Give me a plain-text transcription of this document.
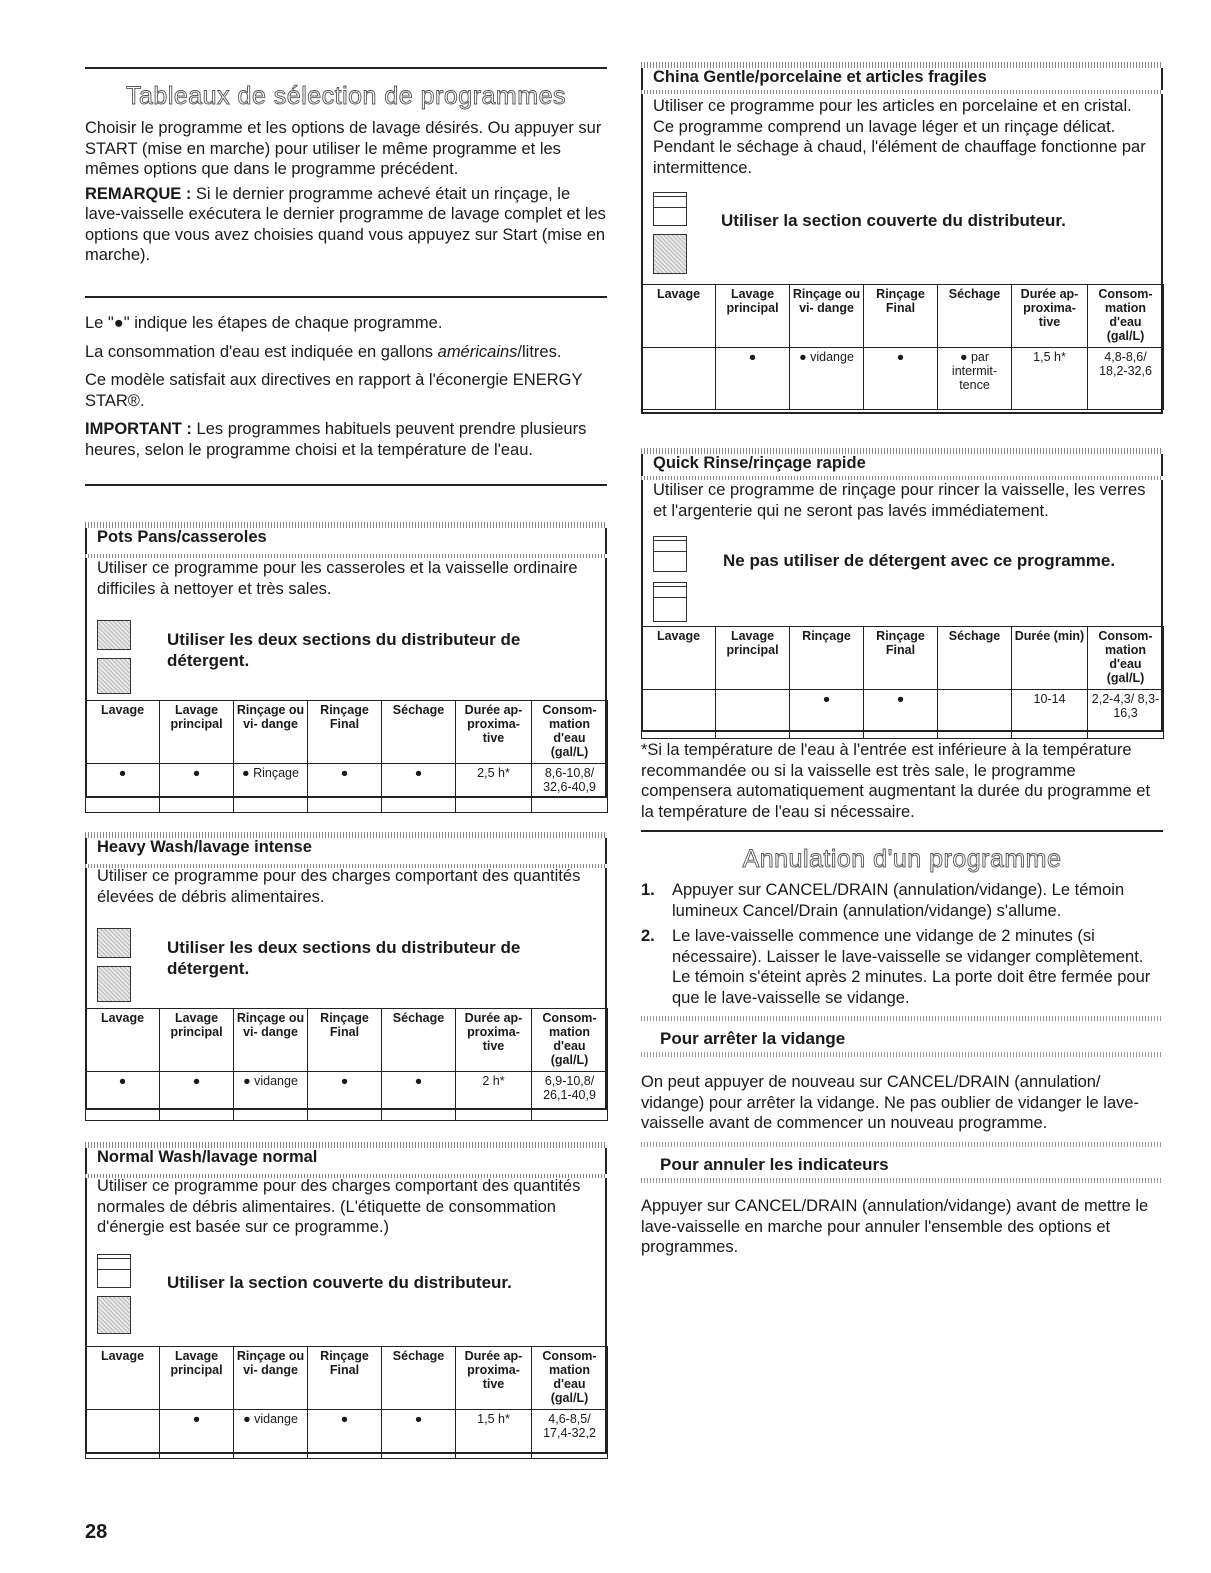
Tableaux de sélection de programmes

Choisir le programme et les options de lavage désirés. Ou appuyer sur START (mise en marche) pour utiliser le même programme et les mêmes options que dans le programme précédent.

REMARQUE : Si le dernier programme achevé était un rinçage, le lave-vaisselle exécutera le dernier programme de lavage complet et les options que vous avez choisies quand vous appuyez sur Start (mise en marche).

Le "●" indique les étapes de chaque programme.

La consommation d'eau est indiquée en gallons américains/litres.

Ce modèle satisfait aux directives en rapport à l'éconergie ENERGY STAR®.

IMPORTANT : Les programmes habituels peuvent prendre plusieurs heures, selon le programme choisi et la température de l'eau.

Pots Pans/casseroles
Utiliser ce programme pour les casseroles et la vaisselle ordinaire difficiles à nettoyer et très sales.
Utiliser les deux sections du distributeur de détergent.
Lavage	Lavage principal	Rinçage ou vi- dange	Rinçage Final	Séchage	Durée ap- proxima- tive	Consom- mation d'eau (gal/L)
●	●	● Rinçage	●	●	2,5 h*	8,6-10,8/ 32,6-40,9
Heavy Wash/lavage intense
Utiliser ce programme pour des charges comportant des quantités élevées de débris alimentaires.
Utiliser les deux sections du distributeur de détergent.
Lavage	Lavage principal	Rinçage ou vi- dange	Rinçage Final	Séchage	Durée ap- proxima- tive	Consom- mation d'eau (gal/L)
●	●	● vidange	●	●	2 h*	6,9-10,8/ 26,1-40,9
Normal Wash/lavage normal
Utiliser ce programme pour des charges comportant des quantités normales de débris alimentaires. (L'étiquette de consommation d'énergie est basée sur ce programme.)
Utiliser la section couverte du distributeur.
Lavage	Lavage principal	Rinçage ou vi- dange	Rinçage Final	Séchage	Durée ap- proxima- tive	Consom- mation d'eau (gal/L)
	●	● vidange	●	●	1,5 h*	4,6-8,5/ 17,4-32,2
28
China Gentle/porcelaine et articles fragiles
Utiliser ce programme pour les articles en porcelaine et en cristal. Ce programme comprend un lavage léger et un rinçage délicat. Pendant le séchage à chaud, l'élément de chauffage fonctionne par intermittence.
Utiliser la section couverte du distributeur.
Lavage	Lavage principal	Rinçage ou vi- dange	Rinçage Final	Séchage	Durée ap- proxima- tive	Consom- mation d'eau (gal/L)
	●	● vidange	●	● par intermit- tence	1,5 h*	4,8-8,6/ 18,2-32,6
Quick Rinse/rinçage rapide
Utiliser ce programme de rinçage pour rincer la vaisselle, les verres et l'argenterie qui ne seront pas lavés immédiatement.
Ne pas utiliser de détergent avec ce programme.
Lavage	Lavage principal	Rinçage	Rinçage Final	Séchage	Durée (min)	Consom- mation d'eau (gal/L)
		●	●		10-14	2,2-4,3/ 8,3-16,3
*Si la température de l'eau à l'entrée est inférieure à la température recommandée ou si la vaisselle est très sale, le programme compensera automatiquement augmentant la durée du programme et la température de l'eau si nécessaire.
Annulation d'un programme
1. Appuyer sur CANCEL/DRAIN (annulation/vidange). Le témoin lumineux Cancel/Drain (annulation/vidange) s'allume.
2. Le lave-vaisselle commence une vidange de 2 minutes (si nécessaire). Laisser le lave-vaisselle se vidanger complètement. Le témoin s'éteint après 2 minutes. La porte doit être fermée pour que le lave-vaisselle se vidange.
Pour arrêter la vidange
On peut appuyer de nouveau sur CANCEL/DRAIN (annulation/ vidange) pour arrêter la vidange. Ne pas oublier de vidanger le lave-vaisselle avant de commencer un nouveau programme.
Pour annuler les indicateurs
Appuyer sur CANCEL/DRAIN (annulation/vidange) avant de mettre le lave-vaisselle en marche pour annuler l'ensemble des options et programmes.
